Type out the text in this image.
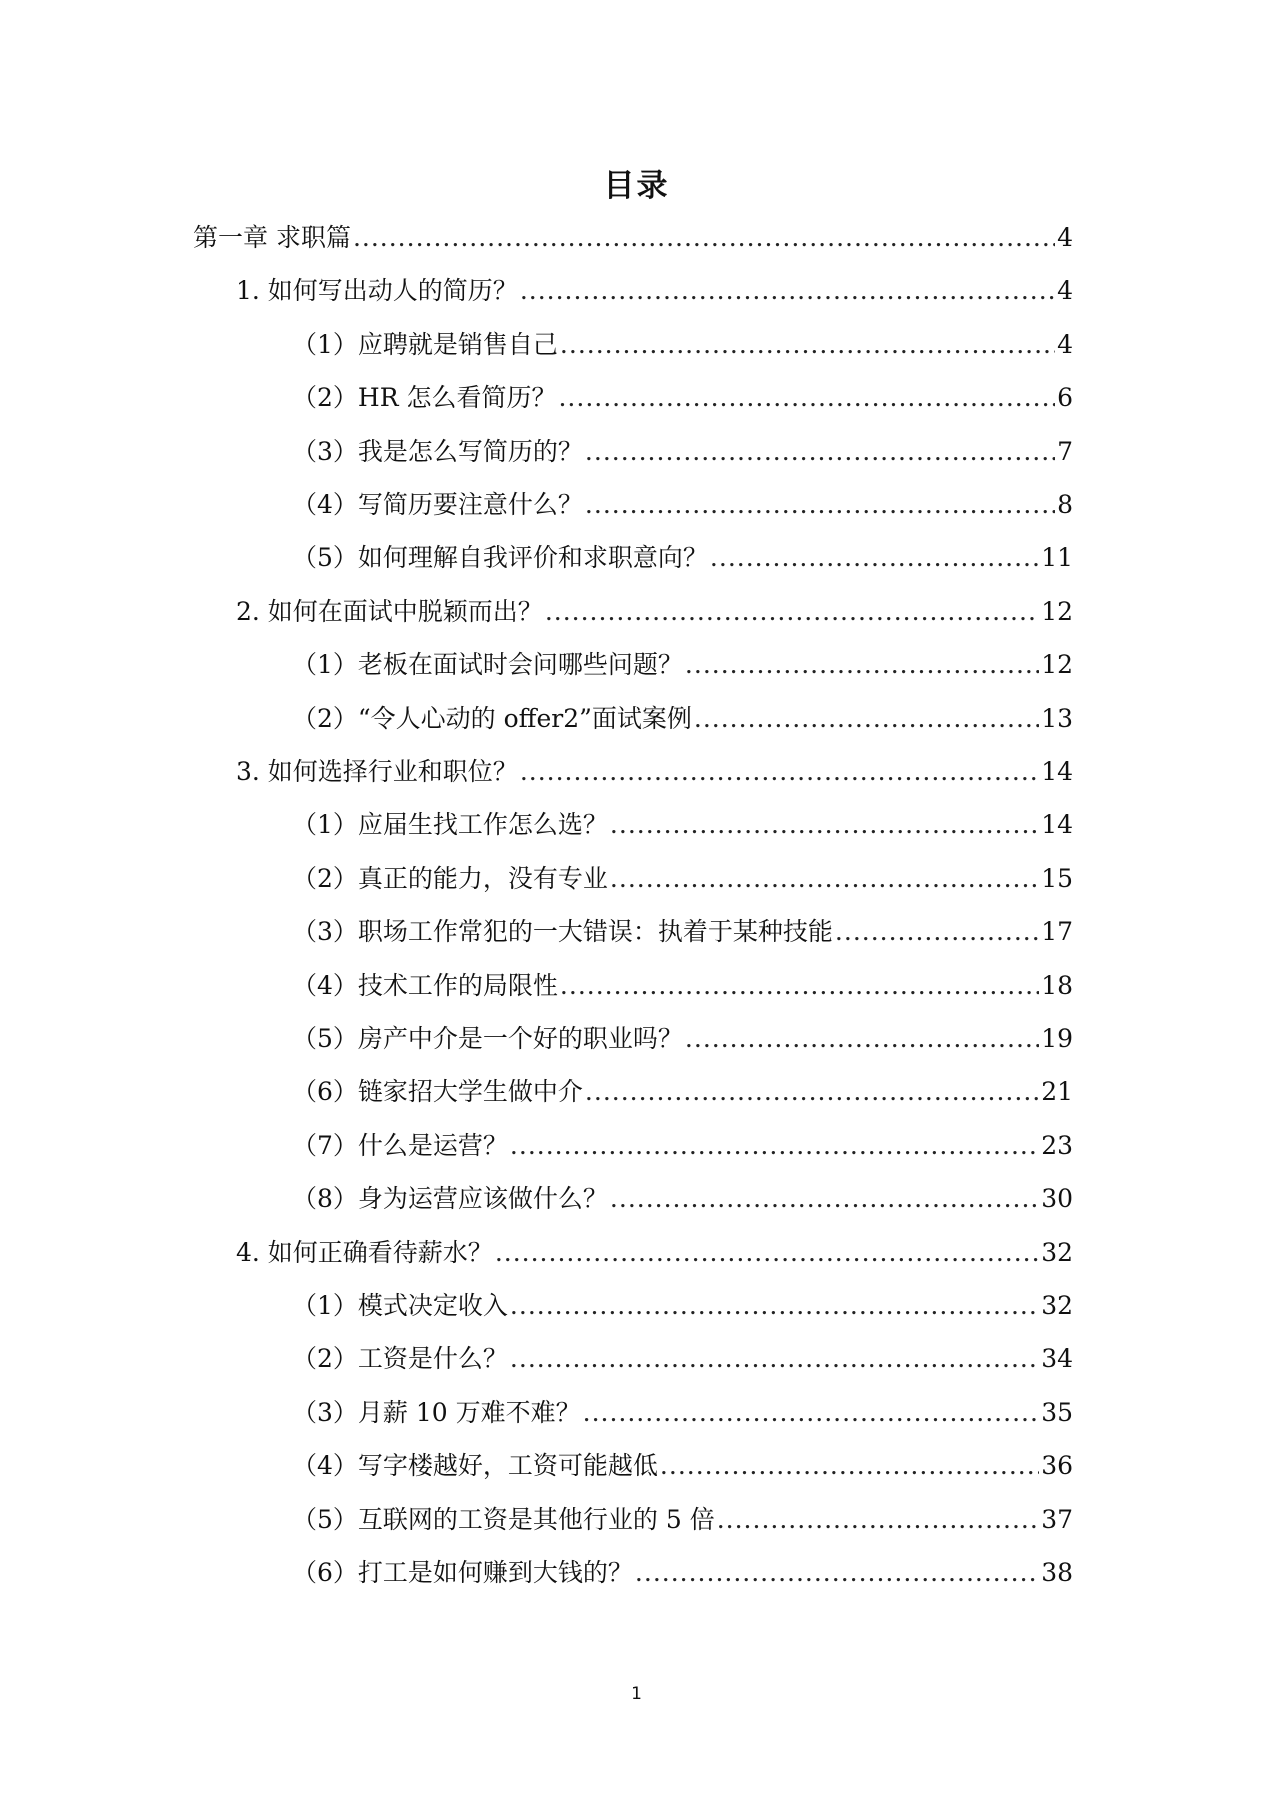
目录
第一章 求职篇 .....	4
1. 如何写出动人的简历？ .....	4
（1）应聘就是销售自己 .....	4
（2）HR 怎么看简历？ .....	6
（3）我是怎么写简历的？ .....	7
（4）写简历要注意什么？ .....	8
（5）如何理解自我评价和求职意向？ .....	11
2. 如何在面试中脱颖而出？ .....	12
（1）老板在面试时会问哪些问题？ .....	12
（2）“令人心动的 offer2”面试案例 .....	13
3. 如何选择行业和职位？ .....	14
（1）应届生找工作怎么选？ .....	14
（2）真正的能力，没有专业 .....	15
（3）职场工作常犯的一大错误：执着于某种技能 .....	17
（4）技术工作的局限性 .....	18
（5）房产中介是一个好的职业吗？ .....	19
（6）链家招大学生做中介 .....	21
（7）什么是运营？ .....	23
（8）身为运营应该做什么？ .....	30
4. 如何正确看待薪水？ .....	32
（1）模式决定收入 .....	32
（2）工资是什么？ .....	34
（3）月薪 10 万难不难？ .....	35
（4）写字楼越好，工资可能越低 .....	36
（5）互联网的工资是其他行业的 5 倍 .....	37
（6）打工是如何赚到大钱的？ .....	38
1
